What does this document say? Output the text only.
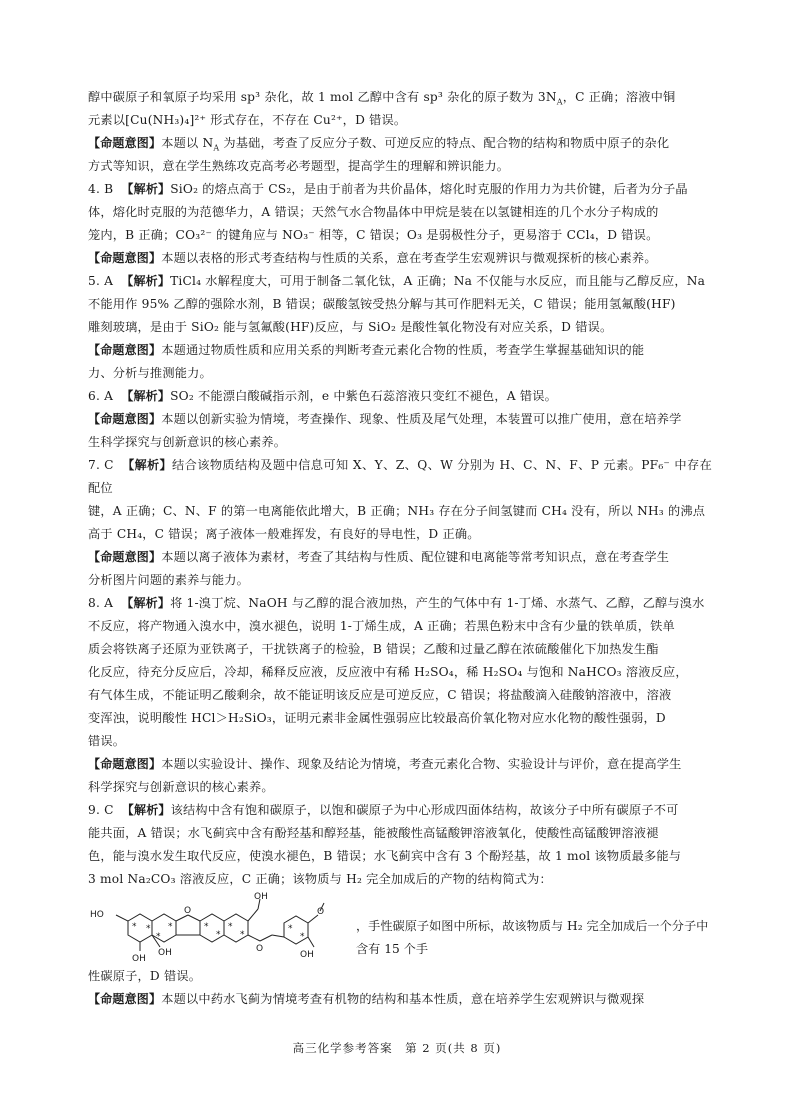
醇中碳原子和氧原子均采用 sp³ 杂化，故 1 mol 乙醇中含有 sp³ 杂化的原子数为 $3N_A$，C 正确；溶液中铜

元素以[Cu(NH₃)₄]²⁺ 形式存在，不存在 Cu²⁺，D 错误。

【命题意图】本题以 $N_A$ 为基础，考查了反应分子数、可逆反应的特点、配合物的结构和物质中原子的杂化

方式等知识，意在学生熟练攻克高考必考题型，提高学生的理解和辨识能力。

4. B 【解析】SiO₂ 的熔点高于 CS₂，是由于前者为共价晶体，熔化时克服的作用力为共价键，后者为分子晶

体，熔化时克服的为范德华力，A 错误；天然气水合物晶体中甲烷是装在以氢键相连的几个水分子构成的

笼内，B 正确；CO₃²⁻ 的键角应与 NO₃⁻ 相等，C 错误；O₃ 是弱极性分子，更易溶于 CCl₄，D 错误。

【命题意图】本题以表格的形式考查结构与性质的关系，意在考查学生宏观辨识与微观探析的核心素养。

5. A 【解析】TiCl₄ 水解程度大，可用于制备二氧化钛，A 正确；Na 不仅能与水反应，而且能与乙醇反应，Na

不能用作 95% 乙醇的强除水剂，B 错误；碳酸氢铵受热分解与其可作肥料无关，C 错误；能用氢氟酸(HF)

雕刻玻璃，是由于 SiO₂ 能与氢氟酸(HF)反应，与 SiO₂ 是酸性氧化物没有对应关系，D 错误。

【命题意图】本题通过物质性质和应用关系的判断考查元素化合物的性质，考查学生掌握基础知识的能

力、分析与推测能力。

6. A 【解析】SO₂ 不能漂白酸碱指示剂，e 中紫色石蕊溶液只变红不褪色，A 错误。

【命题意图】本题以创新实验为情境，考查操作、现象、性质及尾气处理，本装置可以推广使用，意在培养学

生科学探究与创新意识的核心素养。

7. C 【解析】结合该物质结构及题中信息可知 X、Y、Z、Q、W 分别为 H、C、N、F、P 元素。PF₆⁻ 中存在配位

键，A 正确；C、N、F 的第一电离能依此增大，B 正确；NH₃ 存在分子间氢键而 CH₄ 没有，所以 NH₃ 的沸点

高于 CH₄，C 错误；离子液体一般难挥发，有良好的导电性，D 正确。

【命题意图】本题以离子液体为素材，考查了其结构与性质、配位键和电离能等常考知识点，意在考查学生

分析图片问题的素养与能力。

8. A 【解析】将 1-溴丁烷、NaOH 与乙醇的混合液加热，产生的气体中有 1-丁烯、水蒸气、乙醇，乙醇与溴水

不反应，将产物通入溴水中，溴水褪色，说明 1-丁烯生成，A 正确；若黑色粉末中含有少量的铁单质，铁单

质会将铁离子还原为亚铁离子，干扰铁离子的检验，B 错误；乙酸和过量乙醇在浓硫酸催化下加热发生酯

化反应，待充分反应后，冷却，稀释反应液，反应液中有稀 H₂SO₄，稀 H₂SO₄ 与饱和 NaHCO₃ 溶液反应，

有气体生成，不能证明乙酸剩余，故不能证明该反应是可逆反应，C 错误；将盐酸滴入硅酸钠溶液中，溶液

变浑浊，说明酸性 HCl＞H₂SiO₃，证明元素非金属性强弱应比较最高价氧化物对应水化物的酸性强弱，D

错误。

【命题意图】本题以实验设计、操作、现象及结论为情境，考查元素化合物、实验设计与评价，意在提高学生

科学探究与创新意识的核心素养。

9. C 【解析】该结构中含有饱和碳原子，以饱和碳原子为中心形成四面体结构，故该分子中所有碳原子不可

能共面，A 错误；水飞蓟宾中含有酚羟基和醇羟基，能被酸性高锰酸钾溶液氧化，使酸性高锰酸钾溶液褪

色，能与溴水发生取代反应，使溴水褪色，B 错误；水飞蓟宾中含有 3 个酚羟基，故 1 mol 该物质最多能与

3 mol Na₂CO₃ 溶液反应，C 正确；该物质与 H₂ 完全加成后的产物的结构简式为：

HO
OH
OH
OH	OH
O
O
O
* *
*
*	*
*
*
*
*
*
，手性碳原子如图中所标，故该物质与 H₂ 完全加成后一个分子中含有 15 个手

性碳原子，D 错误。

【命题意图】本题以中药水飞蓟为情境考查有机物的结构和基本性质，意在培养学生宏观辨识与微观探

高三化学参考答案　第 2 页(共 8 页)
